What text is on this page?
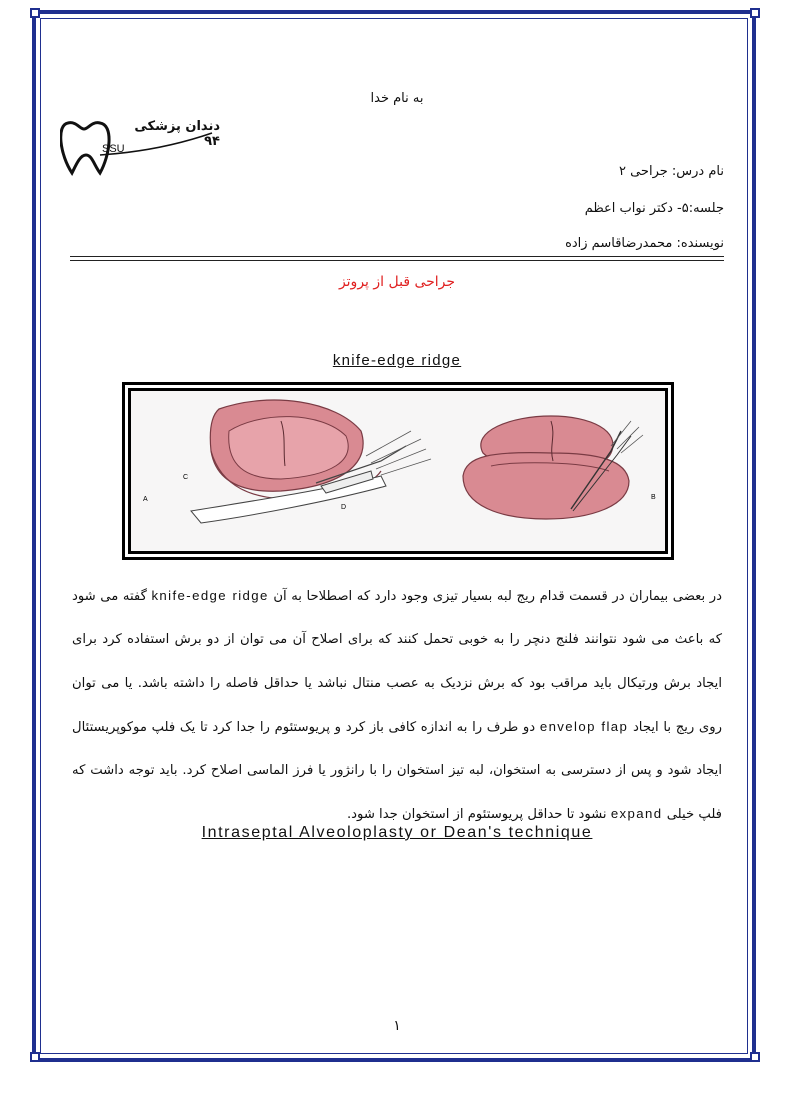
به نام خدا
دندان پزشکی ۹۴
SSU
نام درس: جراحی ۲
جلسه:۵- دکتر نواب اعظم
نویسنده: محمدرضاقاسم زاده
جراحی قبل از پروتز
knife-edge ridge
A
C
D
B
در بعضی بیماران در قسمت قدام ریج لبه بسیار تیزی وجود دارد که اصطلاحا به آن knife-edge ridge گفته می شود که باعث می شود نتوانند فلنج دنچر را به خوبی تحمل کنند که برای اصلاح آن می توان از دو برش استفاده کرد برای ایجاد برش ورتیکال باید مراقب بود که برش نزدیک به عصب منتال نباشد یا حداقل فاصله را داشته باشد. یا می توان روی ریج با ایجاد envelop flap دو طرف را به اندازه کافی باز کرد و پریوستئوم را جدا کرد تا یک فلپ موکوپریستئال ایجاد شود و پس از دسترسی به استخوان، لبه تیز استخوان را با رانژور یا فرز الماسی اصلاح کرد. باید توجه داشت که فلپ خیلی expand نشود تا حداقل پریوستئوم از استخوان جدا شود.
Intraseptal Alveoloplasty or Dean's technique
۱
